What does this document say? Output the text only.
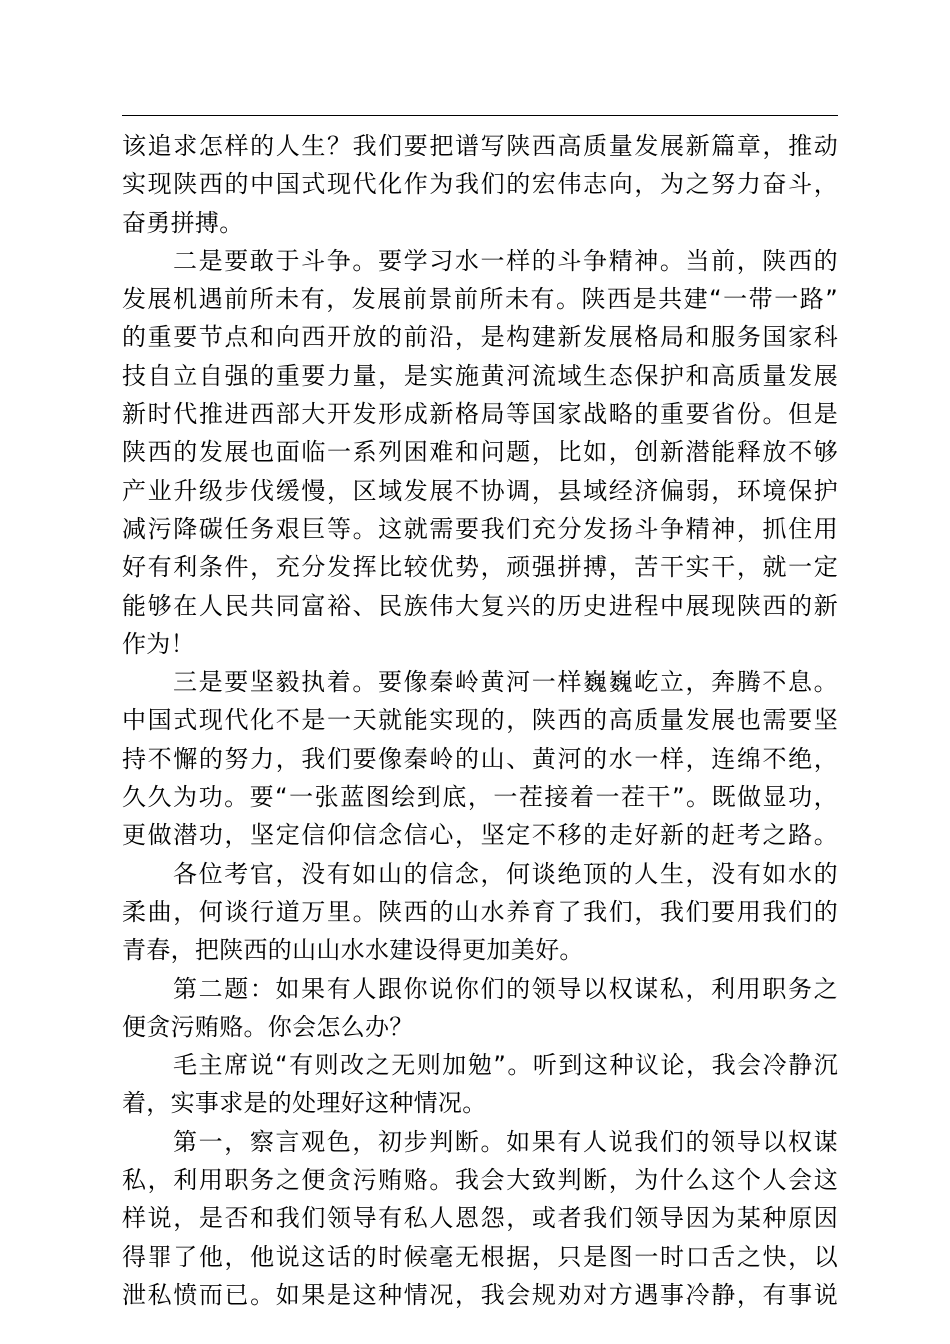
该追求怎样的人生？我们要把谱写陕西高质量发展新篇章，推动
实现陕西的中国式现代化作为我们的宏伟志向，为之努力奋斗，
奋勇拼搏。
二是要敢于斗争。要学习水一样的斗争精神。当前，陕西的
发展机遇前所未有，发展前景前所未有。陕西是共建“一带一路”
的重要节点和向西开放的前沿，是构建新发展格局和服务国家科
技自立自强的重要力量，是实施黄河流域生态保护和高质量发展
新时代推进西部大开发形成新格局等国家战略的重要省份。但是
陕西的发展也面临一系列困难和问题，比如，创新潜能释放不够
产业升级步伐缓慢，区域发展不协调，县域经济偏弱，环境保护
减污降碳任务艰巨等。这就需要我们充分发扬斗争精神，抓住用
好有利条件，充分发挥比较优势，顽强拼搏，苦干实干，就一定
能够在人民共同富裕、民族伟大复兴的历史进程中展现陕西的新
作为！
三是要坚毅执着。要像秦岭黄河一样巍巍屹立，奔腾不息。
中国式现代化不是一天就能实现的，陕西的高质量发展也需要坚
持不懈的努力，我们要像秦岭的山、黄河的水一样，连绵不绝，
久久为功。要“一张蓝图绘到底，一茬接着一茬干”。既做显功，
更做潜功，坚定信仰信念信心，坚定不移的走好新的赶考之路。
各位考官，没有如山的信念，何谈绝顶的人生，没有如水的
柔曲，何谈行道万里。陕西的山水养育了我们，我们要用我们的
青春，把陕西的山山水水建设得更加美好。
第二题：如果有人跟你说你们的领导以权谋私，利用职务之
便贪污贿赂。你会怎么办？
毛主席说“有则改之无则加勉”。听到这种议论，我会冷静沉
着，实事求是的处理好这种情况。
第一，察言观色，初步判断。如果有人说我们的领导以权谋
私，利用职务之便贪污贿赂。我会大致判断，为什么这个人会这
样说，是否和我们领导有私人恩怨，或者我们领导因为某种原因
得罪了他，他说这话的时候毫无根据，只是图一时口舌之快，以
泄私愤而已。如果是这种情况，我会规劝对方遇事冷静，有事说
